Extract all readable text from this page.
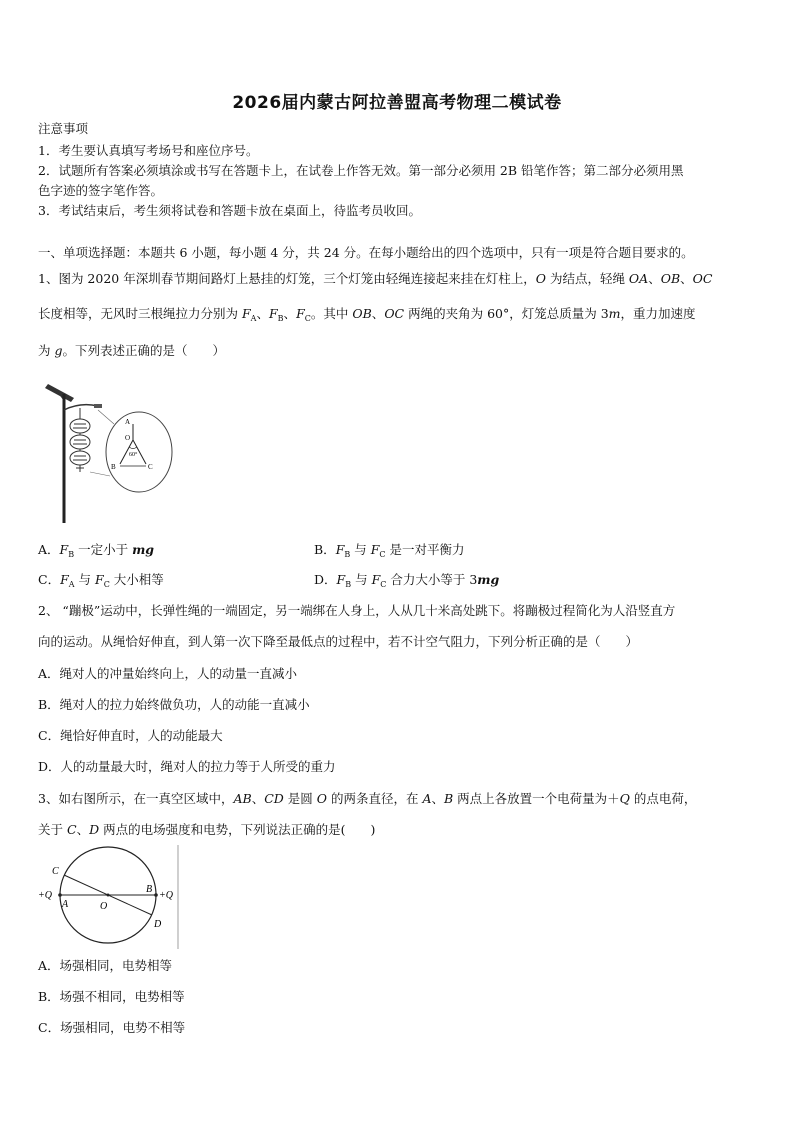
2026届内蒙古阿拉善盟高考物理二模试卷
注意事项
1．考生要认真填写考场号和座位序号。
2．试题所有答案必须填涂或书写在答题卡上，在试卷上作答无效。第一部分必须用 2B 铅笔作答；第二部分必须用黑
色字迹的签字笔作答。
3．考试结束后，考生须将试卷和答题卡放在桌面上，待监考员收回。
一、单项选择题：本题共 6 小题，每小题 4 分，共 24 分。在每小题给出的四个选项中，只有一项是符合题目要求的。
1、图为 2020 年深圳春节期间路灯上悬挂的灯笼，三个灯笼由轻绳连接起来挂在灯柱上，O 为结点，轻绳 OA、OB、OC
长度相等，无风时三根绳拉力分别为 $F_A$、$F_B$、$F_C$。其中 OB、OC 两绳的夹角为 60°，灯笼总质量为 3m，重力加速度
为 g。下列表述正确的是（　　）
A
O
60°
B	C
A．$F_B$ 一定小于 mg	B．$F_B$ 与 $F_C$ 是一对平衡力
C．$F_A$ 与 $F_C$ 大小相等	D．$F_B$ 与 $F_C$ 合力大小等于 3mg
2、 “蹦极”运动中，长弹性绳的一端固定，另一端绑在人身上，人从几十米高处跳下。将蹦极过程简化为人沿竖直方
向的运动。从绳恰好伸直，到人第一次下降至最低点的过程中，若不计空气阻力，下列分析正确的是（　　）
A．绳对人的冲量始终向上，人的动量一直减小
B．绳对人的拉力始终做负功，人的动能一直减小
C．绳恰好伸直时，人的动能最大
D．人的动量最大时，绳对人的拉力等于人所受的重力
3、如右图所示，在一真空区域中，AB、CD 是圆 O 的两条直径，在 A、B 两点上各放置一个电荷量为＋Q 的点电荷，
关于 C、D 两点的电场强度和电势，下列说法正确的是(　　)
C
+Q
A	O
B
+Q
D
A．场强相同，电势相等
B．场强不相同，电势相等
C．场强相同，电势不相等
